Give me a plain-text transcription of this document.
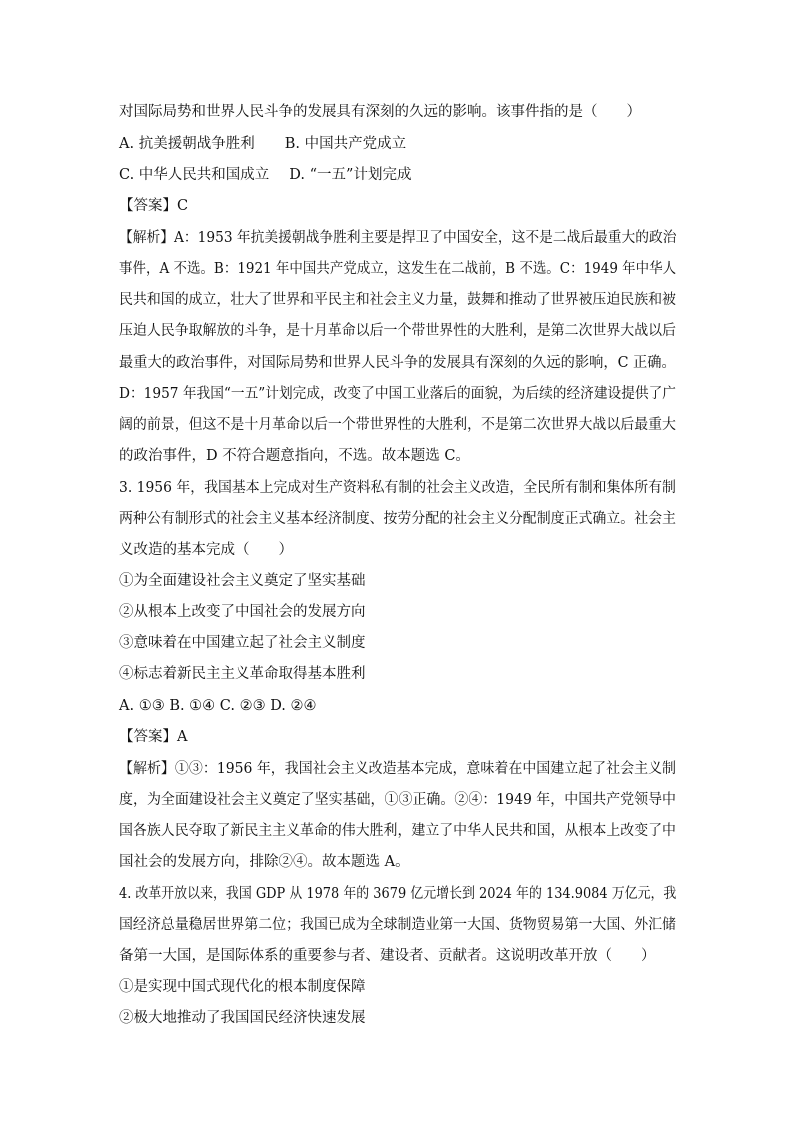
对国际局势和世界人民斗争的发展具有深刻的久远的影响。该事件指的是（　　）
A. 抗美援朝战争胜利 B. 中国共产党成立
C. 中华人民共和国成立 D. “一五”计划完成
【答案】C
【解析】A：1953 年抗美援朝战争胜利主要是捍卫了中国安全，这不是二战后最重大的政治
事件，A 不选。B：1921 年中国共产党成立，这发生在二战前，B 不选。C：1949 年中华人
民共和国的成立，壮大了世界和平民主和社会主义力量，鼓舞和推动了世界被压迫民族和被
压迫人民争取解放的斗争，是十月革命以后一个带世界性的大胜利，是第二次世界大战以后
最重大的政治事件，对国际局势和世界人民斗争的发展具有深刻的久远的影响，C 正确。
D：1957 年我国“一五”计划完成，改变了中国工业落后的面貌，为后续的经济建设提供了广
阔的前景，但这不是十月革命以后一个带世界性的大胜利，不是第二次世界大战以后最重大
的政治事件，D 不符合题意指向，不选。故本题选 C。
3. 1956 年，我国基本上完成对生产资料私有制的社会主义改造，全民所有制和集体所有制
两种公有制形式的社会主义基本经济制度、按劳分配的社会主义分配制度正式确立。社会主
义改造的基本完成（　　）
①为全面建设社会主义奠定了坚实基础
②从根本上改变了中国社会的发展方向
③意味着在中国建立起了社会主义制度
④标志着新民主主义革命取得基本胜利
A. ①③ B. ①④ C. ②③ D. ②④
【答案】A
【解析】①③：1956 年，我国社会主义改造基本完成，意味着在中国建立起了社会主义制
度，为全面建设社会主义奠定了坚实基础，①③正确。②④：1949 年，中国共产党领导中
国各族人民夺取了新民主主义革命的伟大胜利，建立了中华人民共和国，从根本上改变了中
国社会的发展方向，排除②④。故本题选 A。
4. 改革开放以来，我国 GDP 从 1978 年的 3679 亿元增长到 2024 年的 134.9084 万亿元，我
国经济总量稳居世界第二位；我国已成为全球制造业第一大国、货物贸易第一大国、外汇储
备第一大国，是国际体系的重要参与者、建设者、贡献者。这说明改革开放（　　）
①是实现中国式现代化的根本制度保障
②极大地推动了我国国民经济快速发展
